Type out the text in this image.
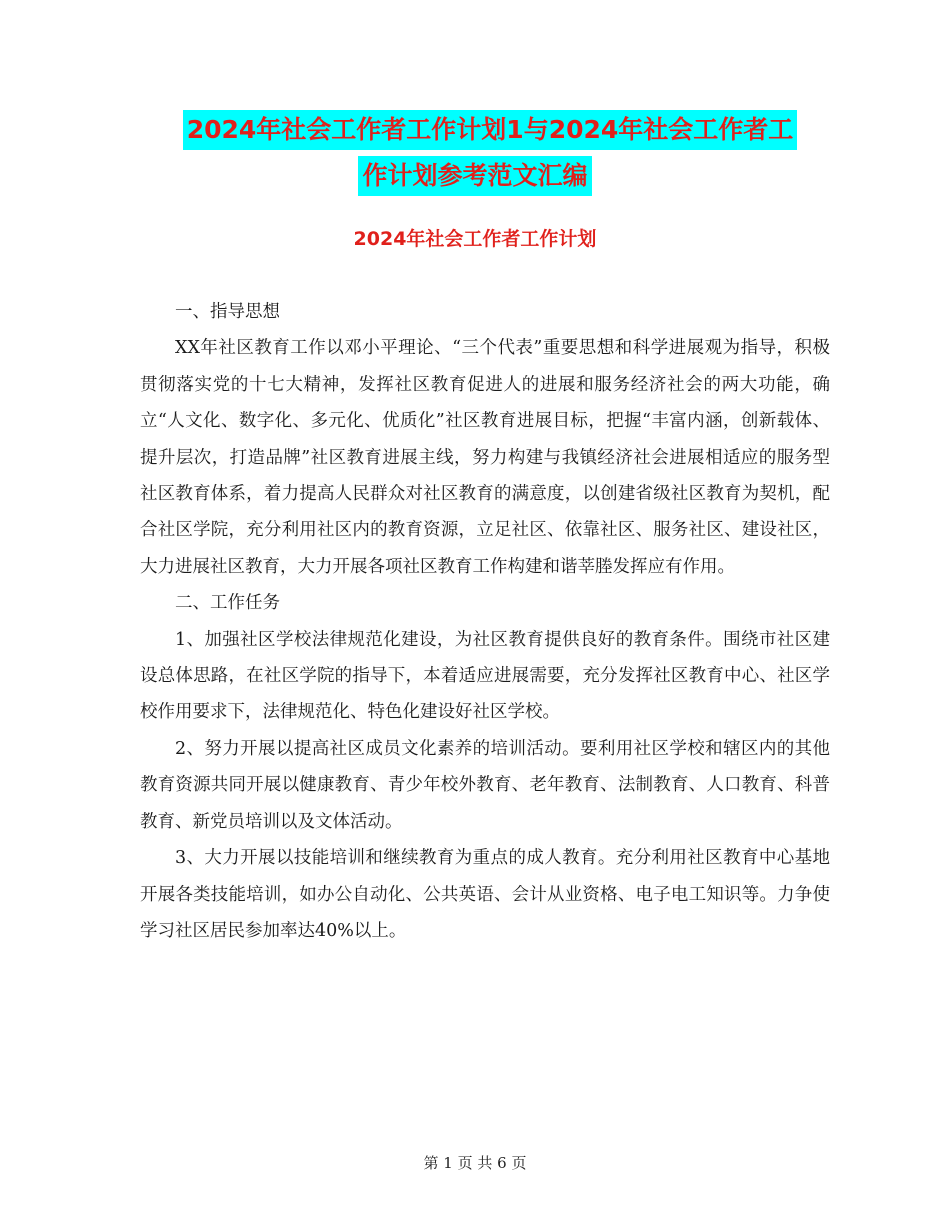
2024年社会工作者工作计划1与2024年社会工作者工
作计划参考范文汇编
2024年社会工作者工作计划

一、指导思想

XX年社区教育工作以邓小平理论、“三个代表”重要思想和科学进展观为指导，积极贯彻落实党的十七大精神，发挥社区教育促进人的进展和服务经济社会的两大功能，确立“人文化、数字化、多元化、优质化”社区教育进展目标，把握“丰富内涵，创新载体、提升层次，打造品牌”社区教育进展主线，努力构建与我镇经济社会进展相适应的服务型社区教育体系，着力提高人民群众对社区教育的满意度，以创建省级社区教育为契机，配合社区学院，充分利用社区内的教育资源，立足社区、依靠社区、服务社区、建设社区，大力进展社区教育，大力开展各项社区教育工作构建和谐莘塍发挥应有作用。

二、工作任务

1、加强社区学校法律规范化建设，为社区教育提供良好的教育条件。围绕市社区建设总体思路，在社区学院的指导下，本着适应进展需要，充分发挥社区教育中心、社区学校作用要求下，法律规范化、特色化建设好社区学校。

2、努力开展以提高社区成员文化素养的培训活动。要利用社区学校和辖区内的其他教育资源共同开展以健康教育、青少年校外教育、老年教育、法制教育、人口教育、科普教育、新党员培训以及文体活动。

3、大力开展以技能培训和继续教育为重点的成人教育。充分利用社区教育中心基地开展各类技能培训，如办公自动化、公共英语、会计从业资格、电子电工知识等。力争使学习社区居民参加率达40%以上。

第 1 页 共 6 页
